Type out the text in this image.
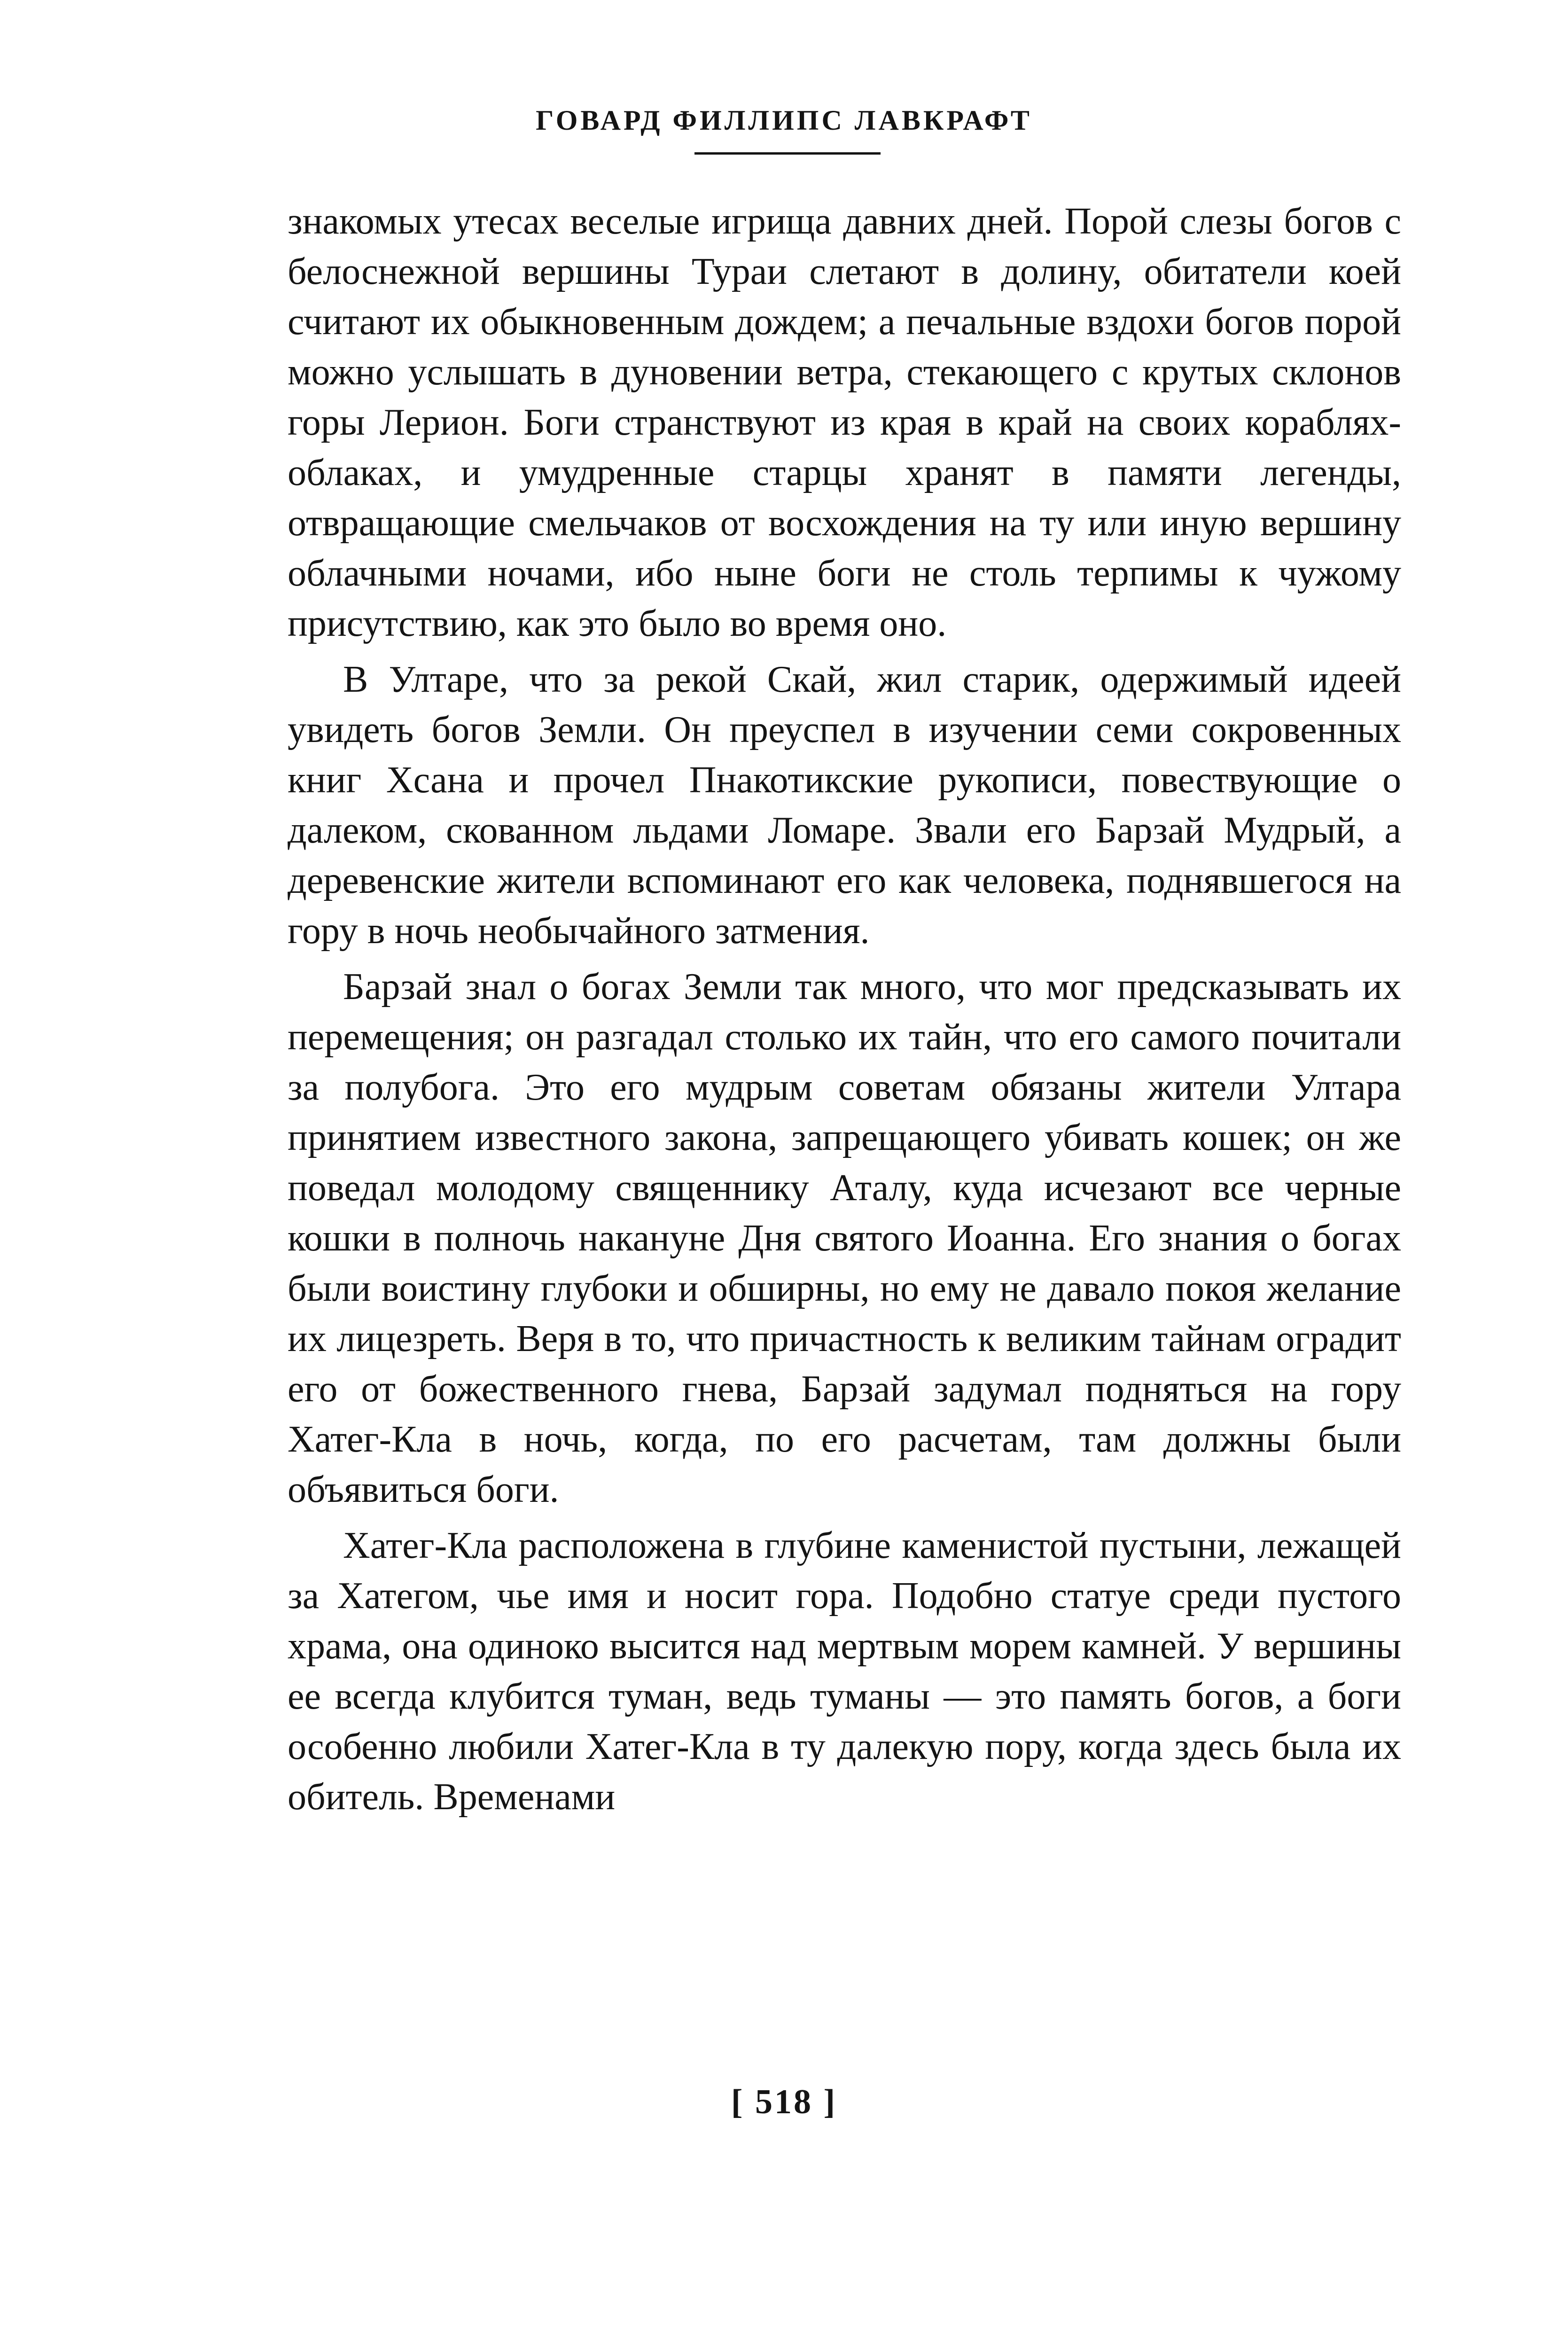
ГОВАРД ФИЛЛИПС ЛАВКРАФТ

знакомых утесах веселые игрища давних дней. Порой слезы богов с белоснежной вершины Тураи слетают в долину, обитатели коей считают их обыкновенным дождем; а печальные вздохи богов порой можно услышать в дуновении ветра, стекающего с крутых склонов горы Лерион. Боги странствуют из края в край на своих кораблях-облаках, и умудренные старцы хранят в памяти легенды, отвращающие смельчаков от восхождения на ту или иную вершину облачными ночами, ибо ныне боги не столь терпимы к чужому присутствию, как это было во время оно.

В Ултаре, что за рекой Скай, жил старик, одержимый идеей увидеть богов Земли. Он преуспел в изучении семи сокровенных книг Хсана и прочел Пнакотикские рукописи, повествующие о далеком, скованном льдами Ломаре. Звали его Барзай Мудрый, а деревенские жители вспоминают его как человека, поднявшегося на гору в ночь необычайного затмения.

Барзай знал о богах Земли так много, что мог предсказывать их перемещения; он разгадал столько их тайн, что его самого почитали за полубога. Это его мудрым советам обязаны жители Ултара принятием известного закона, запрещающего убивать кошек; он же поведал молодому священнику Аталу, куда исчезают все черные кошки в полночь накануне Дня святого Иоанна. Его знания о богах были воистину глубоки и обширны, но ему не давало покоя желание их лицезреть. Веря в то, что причастность к великим тайнам оградит его от божественного гнева, Барзай задумал подняться на гору Хатег-Кла в ночь, когда, по его расчетам, там должны были объявиться боги.

Хатег-Кла расположена в глубине каменистой пустыни, лежащей за Хатегом, чье имя и носит гора. Подобно статуе среди пустого храма, она одиноко высится над мертвым морем камней. У вершины ее всегда клубится туман, ведь туманы — это память богов, а боги особенно любили Хатег-Кла в ту далекую пору, когда здесь была их обитель. Временами

[ 518 ]
